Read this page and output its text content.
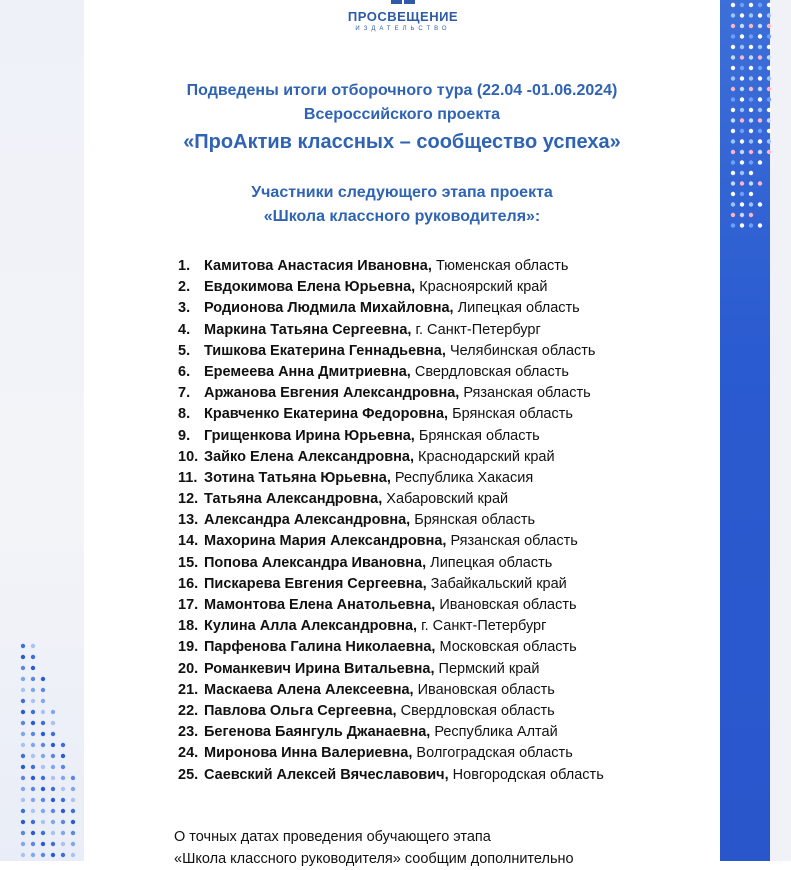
ПРОСВЕЩЕНИЕ
ИЗДАТЕЛЬСТВО
Подведены итоги отборочного тура (22.04 -01.06.2024)
Всероссийского проекта
«ПроАктив классных – сообщество успеха»
Участники следующего этапа проекта
«Школа классного руководителя»:
1. Камитова Анастасия Ивановна, Тюменская область
2. Евдокимова Елена Юрьевна, Красноярский край
3. Родионова Людмила Михайловна, Липецкая область
4. Маркина Татьяна Сергеевна, г. Санкт-Петербург
5. Тишкова Екатерина Геннадьевна, Челябинская область
6. Еремеева Анна Дмитриевна, Свердловская область
7. Аржанова Евгения Александровна, Рязанская область
8. Кравченко Екатерина Федоровна, Брянская область
9. Грищенкова Ирина Юрьевна, Брянская область
10. Зайко Елена Александровна, Краснодарский край
11. Зотина Татьяна Юрьевна, Республика Хакасия
12. Татьяна Александровна, Хабаровский край
13. Александра Александровна, Брянская область
14. Махорина Мария Александровна, Рязанская область
15. Попова Александра Ивановна, Липецкая область
16. Пискарева Евгения Сергеевна, Забайкальский край
17. Мамонтова Елена Анатольевна, Ивановская область
18. Кулина Алла Александровна, г. Санкт-Петербург
19. Парфенова Галина Николаевна, Московская область
20. Романкевич Ирина Витальевна, Пермский край
21. Маскаева Алена Алексеевна, Ивановская область
22. Павлова Ольга Сергеевна, Свердловская область
23. Бегенова Баянгуль Джанаевна, Республика Алтай
24. Миронова Инна Валериевна, Волгоградская область
25. Саевский Алексей Вячеславович, Новгородская область
О точных датах проведения обучающего этапа
«Школа классного руководителя» сообщим дополнительно
